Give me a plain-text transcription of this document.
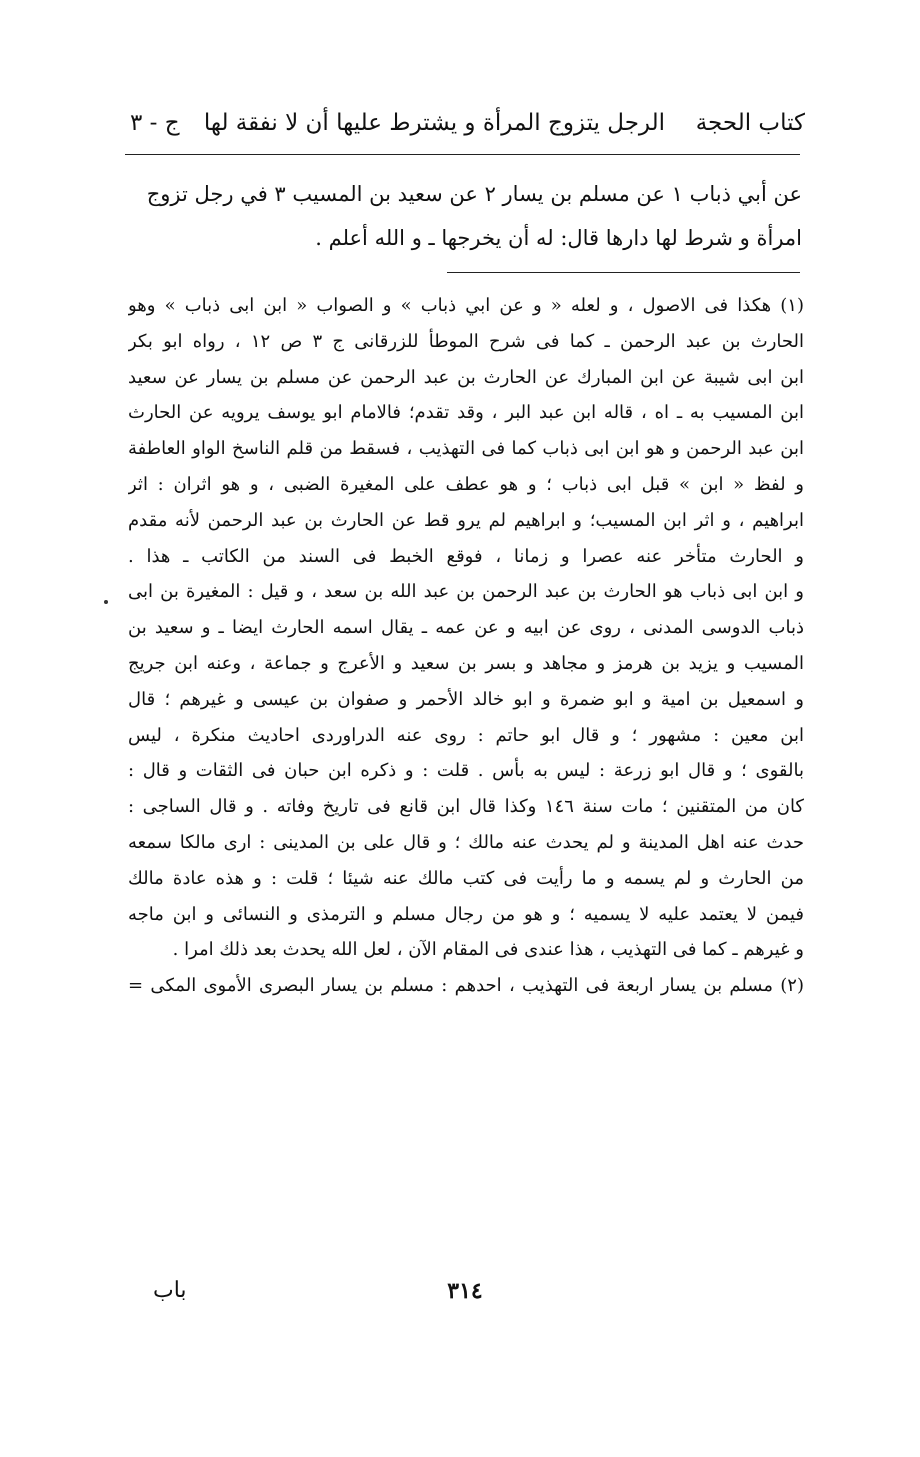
كتاب الحجة
الرجل يتزوج المرأة و يشترط عليها أن لا نفقة لها
ج - ٣
عن أبي ذباب ١ عن مسلم بن يسار ٢ عن سعيد بن المسيب ٣ في رجل تزوج
امرأة و شرط لها دارها قال: له أن يخرجها ـ و الله أعلم .
(١) هكذا فى الاصول ، و لعله « و عن ابي ذباب » و الصواب « ابن ابى ذباب » وهو
الحارث بن عبد الرحمن ـ كما فى شرح الموطأ للزرقانى ج ٣ ص ١٢ ، رواه ابو بكر
ابن ابى شيبة عن ابن المبارك عن الحارث بن عبد الرحمن عن مسلم بن يسار عن سعيد
ابن المسيب به ـ اه ، قاله ابن عبد البر ، وقد تقدم؛ فالامام ابو يوسف يرويه عن الحارث
ابن عبد الرحمن و هو ابن ابى ذباب كما فى التهذيب ، فسقط من قلم الناسخ الواو العاطفة
و لفظ « ابن » قبل ابى ذباب ؛ و هو عطف على المغيرة الضبى ، و هو اثران : اثر
ابراهيم ، و اثر ابن المسيب؛ و ابراهيم لم يرو قط عن الحارث بن عبد الرحمن لأنه مقدم
و الحارث متأخر عنه عصرا و زمانا ، فوقع الخبط فى السند من الكاتب ـ هذا .
و ابن ابى ذباب هو الحارث بن عبد الرحمن بن عبد الله بن سعد ، و قيل : المغيرة بن ابى
ذباب الدوسى المدنى ، روى عن ابيه و عن عمه ـ يقال اسمه الحارث ايضا ـ و سعيد بن
المسيب و يزيد بن هرمز و مجاهد و بسر بن سعيد و الأعرج و جماعة ، وعنه ابن جريج
و اسمعيل بن امية و ابو ضمرة و ابو خالد الأحمر و صفوان بن عيسى و غيرهم ؛ قال
ابن معين : مشهور ؛ و قال ابو حاتم : روى عنه الدراوردى احاديث منكرة ، ليس
بالقوى ؛ و قال ابو زرعة : ليس به بأس . قلت : و ذكره ابن حبان فى الثقات و قال :
كان من المتقنين ؛ مات سنة ١٤٦ وكذا قال ابن قانع فى تاريخ وفاته . و قال الساجى :
حدث عنه اهل المدينة و لم يحدث عنه مالك ؛ و قال على بن المدينى : ارى مالكا سمعه
من الحارث و لم يسمه و ما رأيت فى كتب مالك عنه شيئا ؛ قلت : و هذه عادة مالك
فيمن لا يعتمد عليه لا يسميه ؛ و هو من رجال مسلم و الترمذى و النسائى و ابن ماجه
و غيرهم ـ كما فى التهذيب ، هذا عندى فى المقام الآن ، لعل الله يحدث بعد ذلك امرا .
(٢) مسلم بن يسار اربعة فى التهذيب ، احدهم : مسلم بن يسار البصرى الأموى المكى =
٣١٤
باب
